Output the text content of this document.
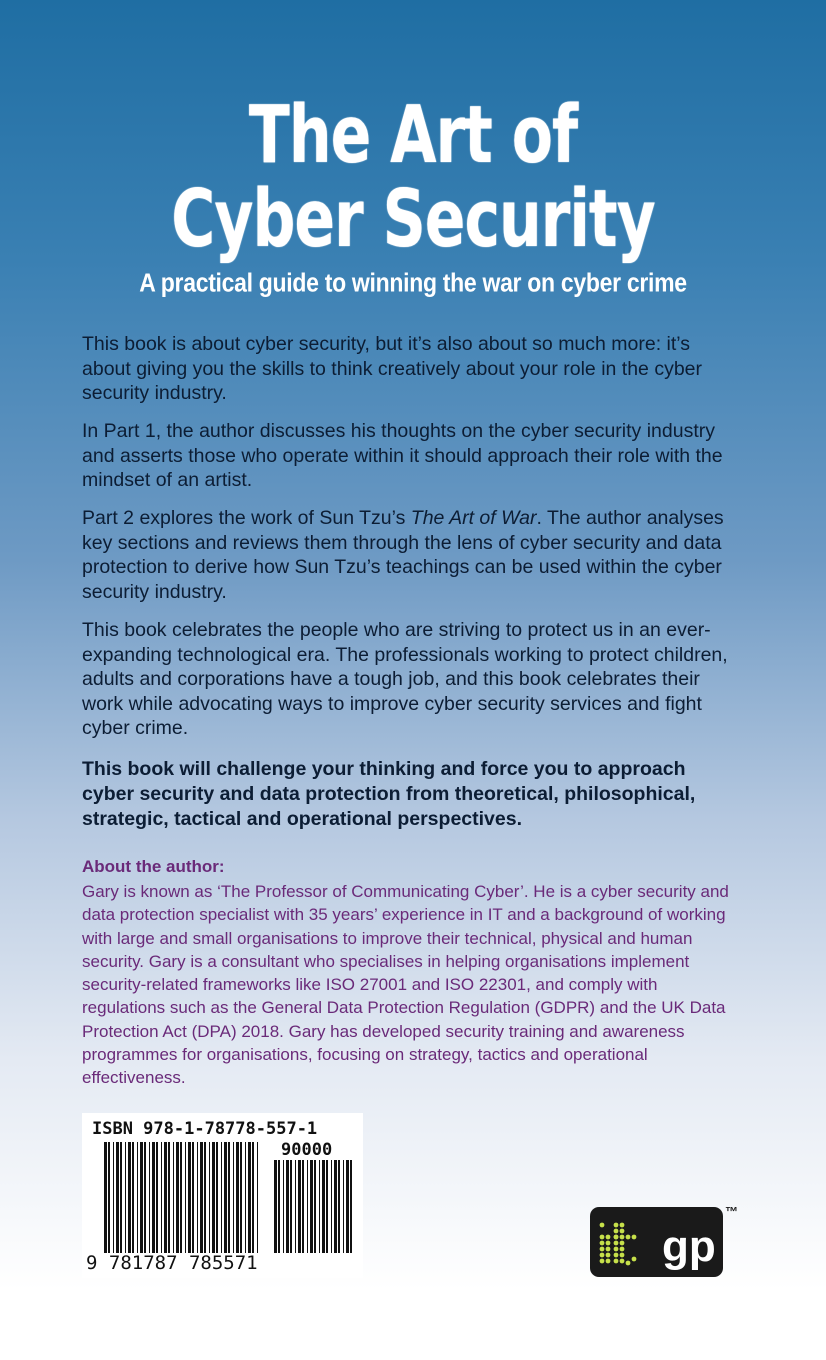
The Art of
Cyber Security
A practical guide to winning the war on cyber crime

This book is about cyber security, but it’s also about so much more: it’s about giving you the skills to think creatively about your role in the cyber security industry.

In Part 1, the author discusses his thoughts on the cyber security industry and asserts those who operate within it should approach their role with the mindset of an artist.

Part 2 explores the work of Sun Tzu’s The Art of War. The author analyses key sections and reviews them through the lens of cyber security and data protection to derive how Sun Tzu’s teachings can be used within the cyber security industry.

This book celebrates the people who are striving to protect us in an ever-expanding technological era. The professionals working to protect children, adults and corporations have a tough job, and this book celebrates their work while advocating ways to improve cyber security services and fight cyber crime.

This book will challenge your thinking and force you to approach cyber security and data protection from theoretical, philosophical, strategic, tactical and operational perspectives.

About the author:

Gary is known as ‘The Professor of Communicating Cyber’. He is a cyber security and data protection specialist with 35 years’ experience in IT and a background of working with large and small organisations to improve their technical, physical and human security. Gary is a consultant who specialises in helping organisations implement security-related frameworks like ISO 27001 and ISO 22301, and comply with regulations such as the General Data Protection Regulation (GDPR) and the UK Data Protection Act (DPA) 2018. Gary has developed security training and awareness programmes for organisations, focusing on strategy, tactics and operational effectiveness.

ISBN 978-1-78778-557-1
90000
9 781787 785571	gp
™
